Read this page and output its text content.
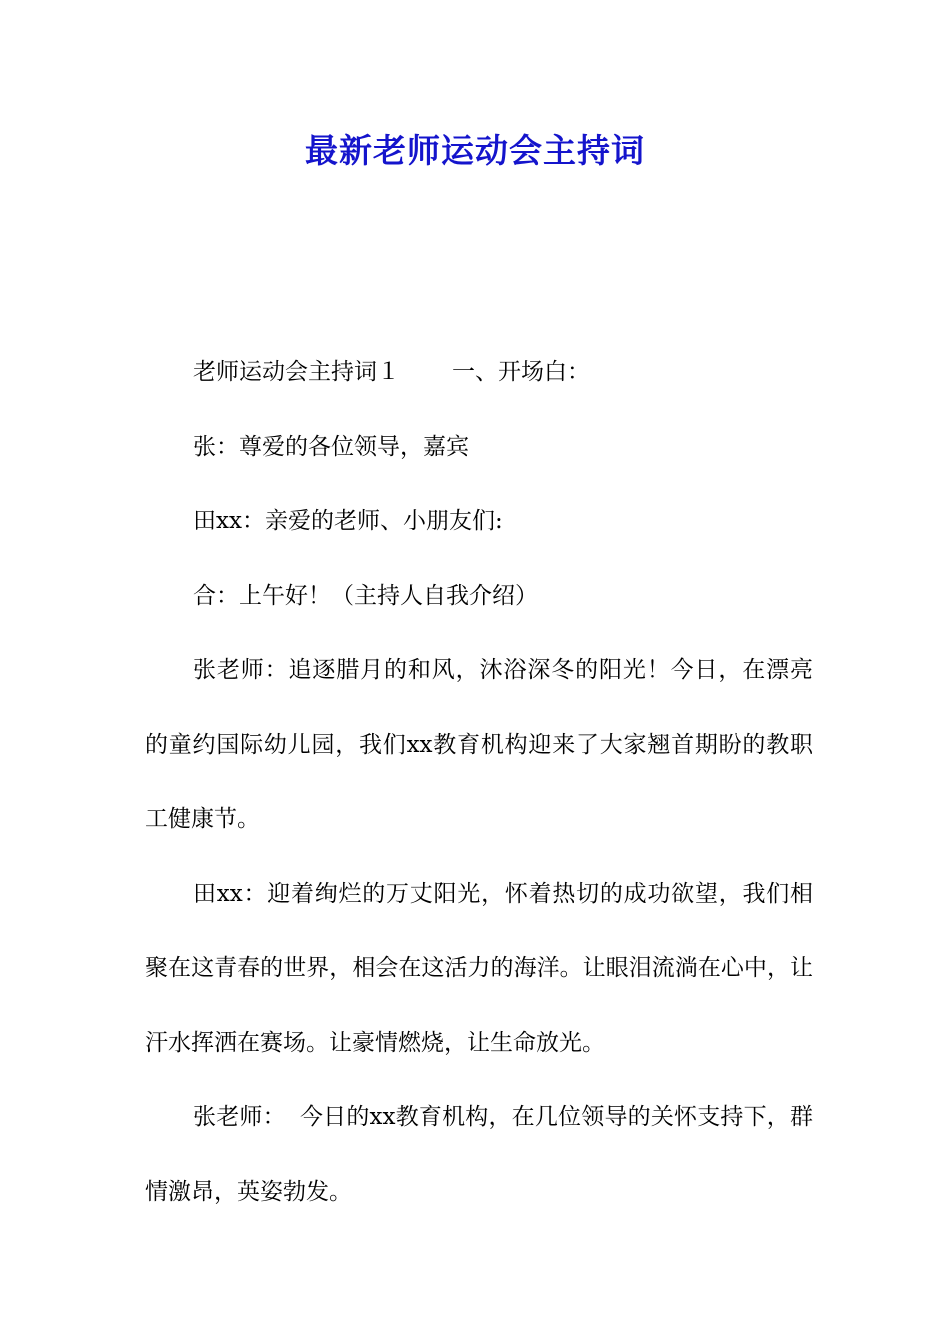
最新老师运动会主持词

老师运动会主持词１ 一、开场白：

张：尊爱的各位领导，嘉宾

田xx：亲爱的老师、小朋友们:

合：上午好！（主持人自我介绍）

张老师：追逐腊月的和风，沐浴深冬的阳光！今日，在漂亮的童约国际幼儿园，我们xx教育机构迎来了大家翘首期盼的教职工健康节。

田xx：迎着绚烂的万丈阳光，怀着热切的成功欲望，我们相聚在这青春的世界，相会在这活力的海洋。让眼泪流淌在心中，让汗水挥洒在赛场。让豪情燃烧，让生命放光。

张老师： 今日的xx教育机构，在几位领导的关怀支持下，群情激昂，英姿勃发。
